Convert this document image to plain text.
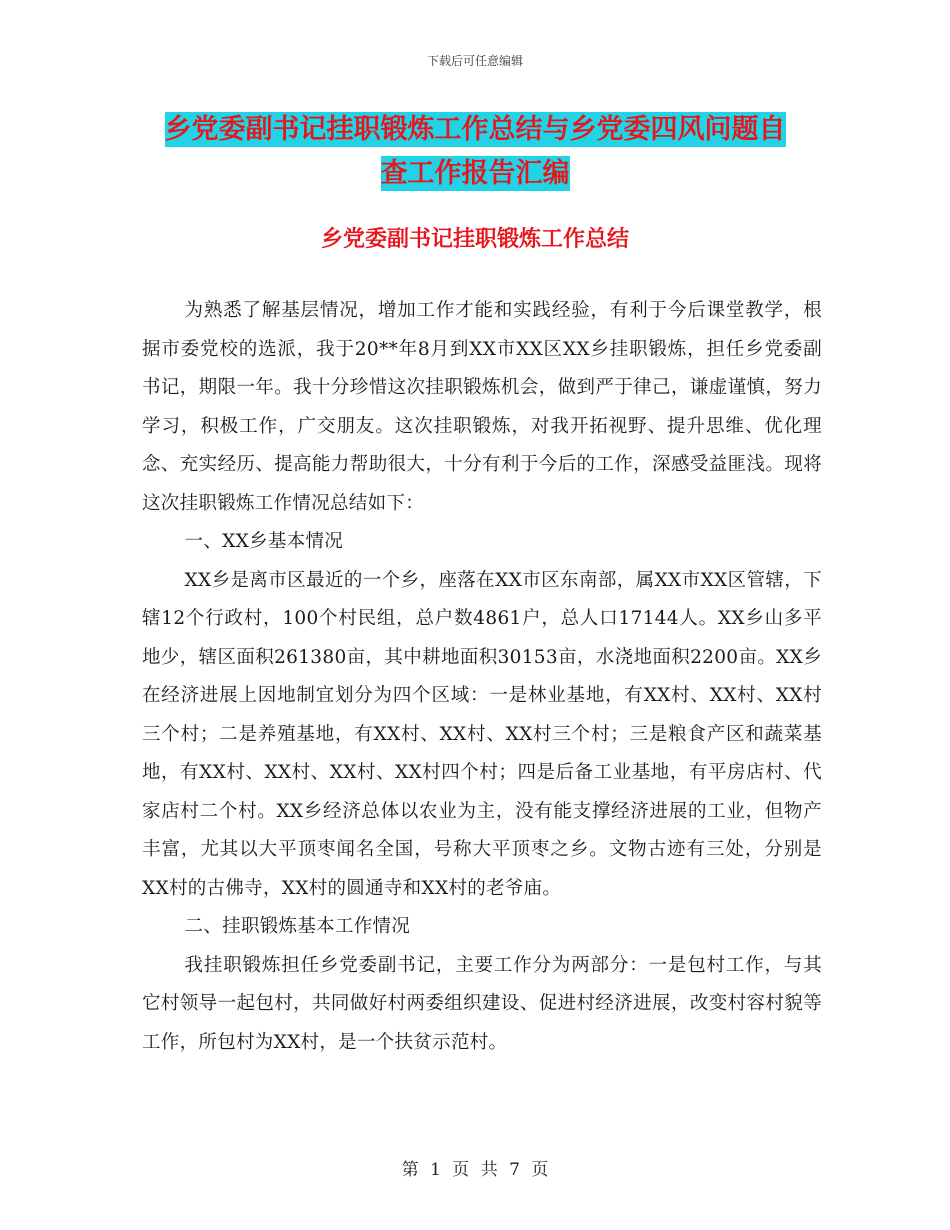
下载后可任意编辑
乡党委副书记挂职锻炼工作总结与乡党委四风问题自
查工作报告汇编
乡党委副书记挂职锻炼工作总结

为熟悉了解基层情况，增加工作才能和实践经验，有利于今后课堂教学，根据市委党校的选派，我于20**年8月到XX市XX区XX乡挂职锻炼，担任乡党委副书记，期限一年。我十分珍惜这次挂职锻炼机会，做到严于律己，谦虚谨慎，努力学习，积极工作，广交朋友。这次挂职锻炼，对我开拓视野、提升思维、优化理念、充实经历、提高能力帮助很大，十分有利于今后的工作，深感受益匪浅。现将这次挂职锻炼工作情况总结如下：

一、XX乡基本情况

XX乡是离市区最近的一个乡，座落在XX市区东南部，属XX市XX区管辖，下辖12个行政村，100个村民组，总户数4861户，总人口17144人。XX乡山多平地少，辖区面积261380亩，其中耕地面积30153亩，水浇地面积2200亩。XX乡在经济进展上因地制宜划分为四个区域：一是林业基地，有XX村、XX村、XX村三个村；二是养殖基地，有XX村、XX村、XX村三个村；三是粮食产区和蔬菜基地，有XX村、XX村、XX村、XX村四个村；四是后备工业基地，有平房店村、代家店村二个村。XX乡经济总体以农业为主，没有能支撑经济进展的工业，但物产丰富，尤其以大平顶枣闻名全国，号称大平顶枣之乡。文物古迹有三处，分别是XX村的古佛寺，XX村的圆通寺和XX村的老爷庙。

二、挂职锻炼基本工作情况

我挂职锻炼担任乡党委副书记，主要工作分为两部分：一是包村工作，与其它村领导一起包村，共同做好村两委组织建设、促进村经济进展，改变村容村貌等工作，所包村为XX村，是一个扶贫示范村。

第 1 页 共 7 页
